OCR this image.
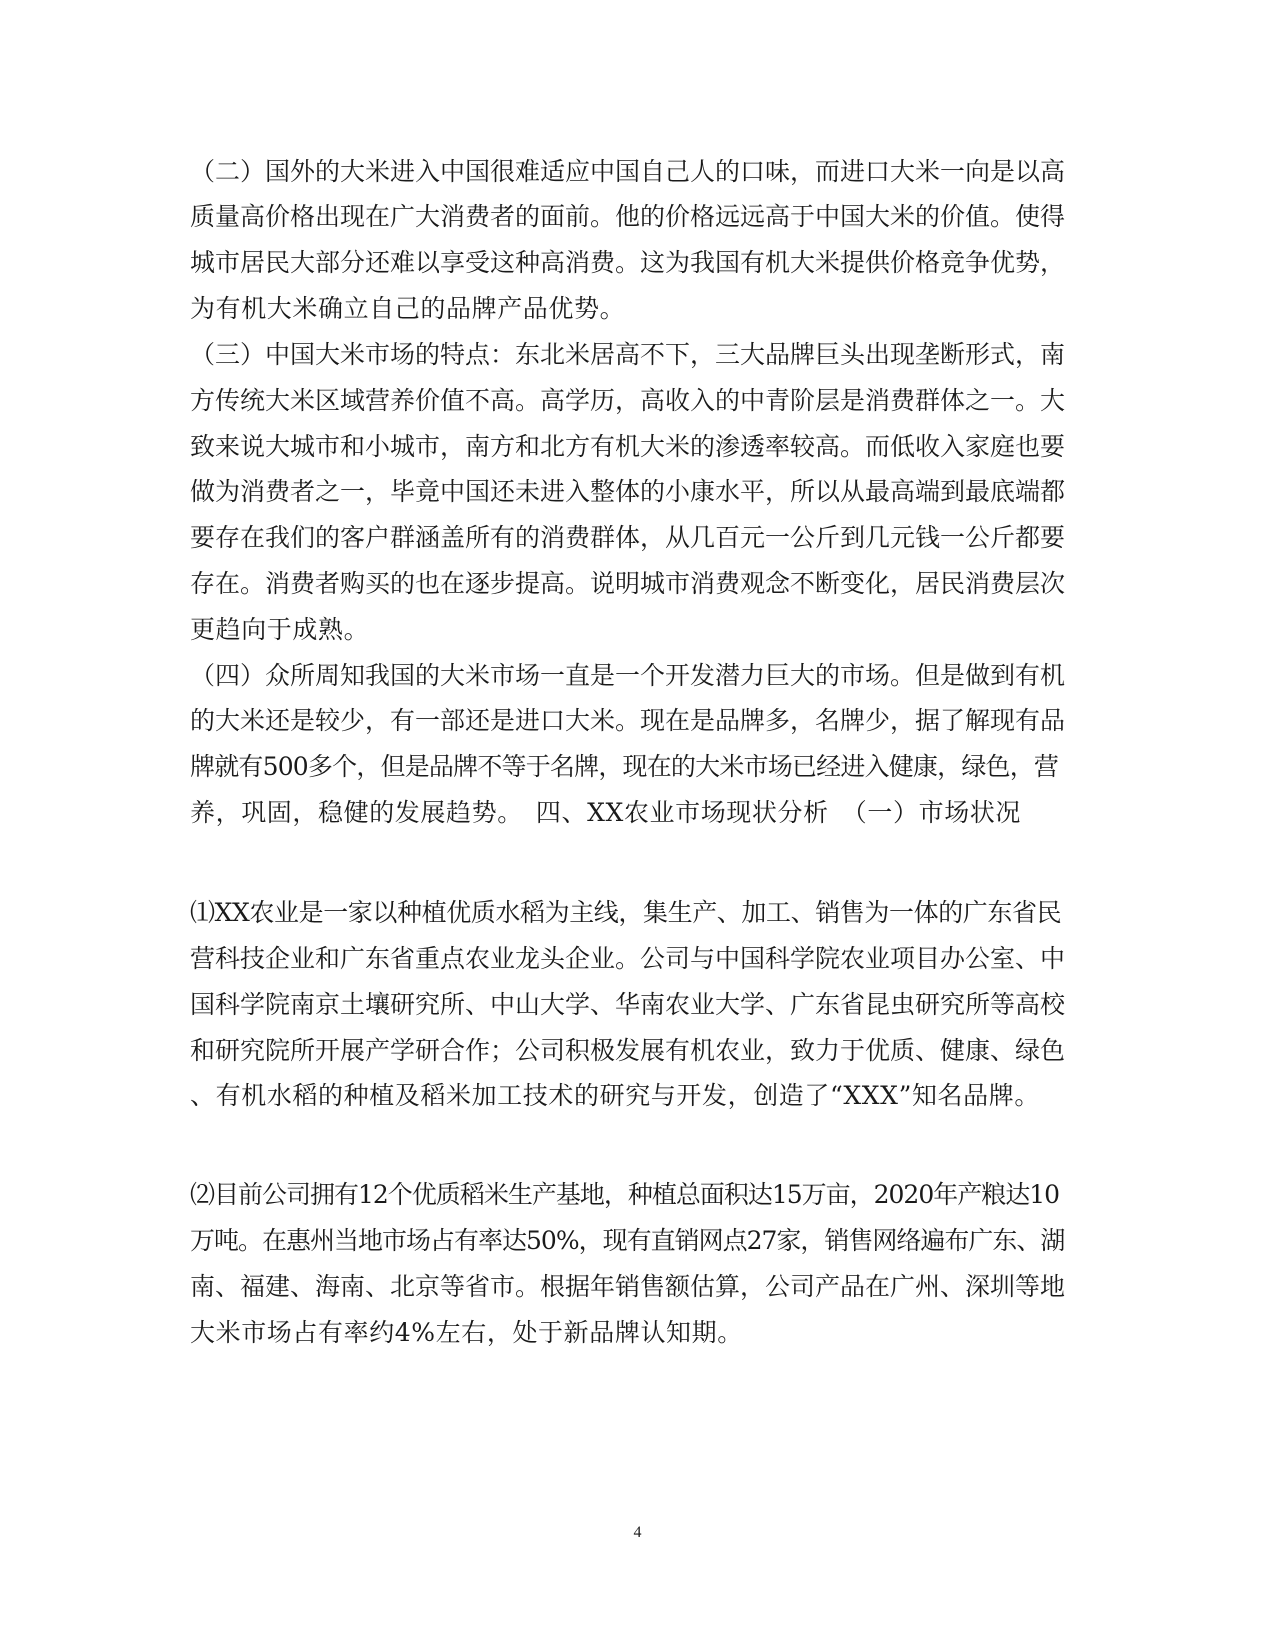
（二）国外的大米进入中国很难适应中国自己人的口味，而进口大米一向是以高

质量高价格出现在广大消费者的面前。他的价格远远高于中国大米的价值。使得

城市居民大部分还难以享受这种高消费。这为我国有机大米提供价格竞争优势，

为有机大米确立自己的品牌产品优势。

（三）中国大米市场的特点：东北米居高不下，三大品牌巨头出现垄断形式，南

方传统大米区域营养价值不高。高学历，高收入的中青阶层是消费群体之一。大

致来说大城市和小城市，南方和北方有机大米的渗透率较高。而低收入家庭也要

做为消费者之一，毕竟中国还未进入整体的小康水平，所以从最高端到最底端都

要存在我们的客户群涵盖所有的消费群体，从几百元一公斤到几元钱一公斤都要

存在。消费者购买的也在逐步提高。说明城市消费观念不断变化，居民消费层次

更趋向于成熟。

（四）众所周知我国的大米市场一直是一个开发潜力巨大的市场。但是做到有机

的大米还是较少，有一部还是进口大米。现在是品牌多，名牌少，据了解现有品

牌就有500多个，但是品牌不等于名牌，现在的大米市场已经进入健康，绿色，营

养，巩固，稳健的发展趋势。　四、XX农业市场现状分析　（一）市场状况

⑴XX农业是一家以种植优质水稻为主线，集生产、加工、销售为一体的广东省民

营科技企业和广东省重点农业龙头企业。公司与中国科学院农业项目办公室、中

国科学院南京土壤研究所、中山大学、华南农业大学、广东省昆虫研究所等高校

和研究院所开展产学研合作；公司积极发展有机农业，致力于优质、健康、绿色

、有机水稻的种植及稻米加工技术的研究与开发，创造了“XXX”知名品牌。

⑵目前公司拥有12个优质稻米生产基地，种植总面积达15万亩，2020年产粮达10

万吨。在惠州当地市场占有率达50%，现有直销网点27家，销售网络遍布广东、湖

南、福建、海南、北京等省市。根据年销售额估算，公司产品在广州、深圳等地

大米市场占有率约4%左右，处于新品牌认知期。

4
